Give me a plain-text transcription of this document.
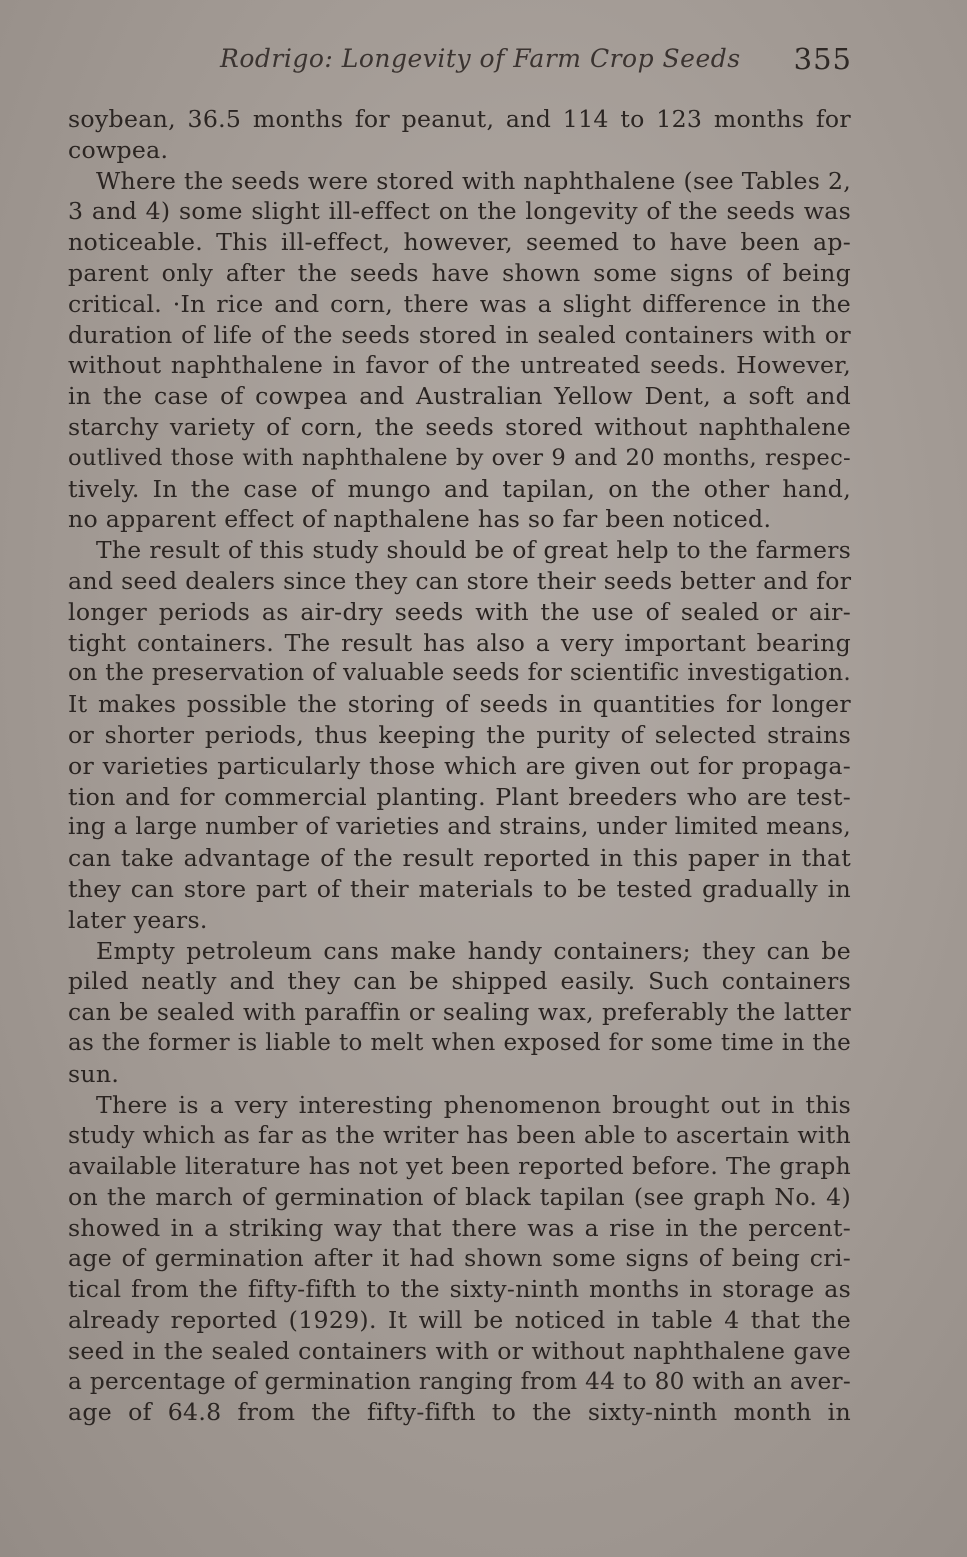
Rodrigo: Longevity of Farm Crop Seeds 355
soybean, 36.5 months for peanut, and 114 to 123 months for
cowpea.
Where the seeds were stored with naphthalene (see Tables 2,
3 and 4) some slight ill-effect on the longevity of the seeds was
noticeable. This ill-effect, however, seemed to have been ap-
parent only after the seeds have shown some signs of being
critical. ·In rice and corn, there was a slight difference in the
duration of life of the seeds stored in sealed containers with or
without naphthalene in favor of the untreated seeds. However,
in the case of cowpea and Australian Yellow Dent, a soft and
starchy variety of corn, the seeds stored without naphthalene
outlived those with naphthalene by over 9 and 20 months, respec-
tively. In the case of mungo and tapilan, on the other hand,
no apparent effect of napthalene has so far been noticed.
The result of this study should be of great help to the farmers
and seed dealers since they can store their seeds better and for
longer periods as air-dry seeds with the use of sealed or air-
tight containers. The result has also a very important bearing
on the preservation of valuable seeds for scientific investigation.
It makes possible the storing of seeds in quantities for longer
or shorter periods, thus keeping the purity of selected strains
or varieties particularly those which are given out for propaga-
tion and for commercial planting. Plant breeders who are test-
ing a large number of varieties and strains, under limited means,
can take advantage of the result reported in this paper in that
they can store part of their materials to be tested gradually in
later years.
Empty petroleum cans make handy containers; they can be
piled neatly and they can be shipped easily. Such containers
can be sealed with paraffin or sealing wax, preferably the latter
as the former is liable to melt when exposed for some time in the
sun.
There is a very interesting phenomenon brought out in this
study which as far as the writer has been able to ascertain with
available literature has not yet been reported before. The graph
on the march of germination of black tapilan (see graph No. 4)
showed in a striking way that there was a rise in the percent-
age of germination after it had shown some signs of being cri-
tical from the fifty-fifth to the sixty-ninth months in storage as
already reported (1929). It will be noticed in table 4 that the
seed in the sealed containers with or without naphthalene gave
a percentage of germination ranging from 44 to 80 with an aver-
age of 64.8 from the fifty-fifth to the sixty-ninth month in
